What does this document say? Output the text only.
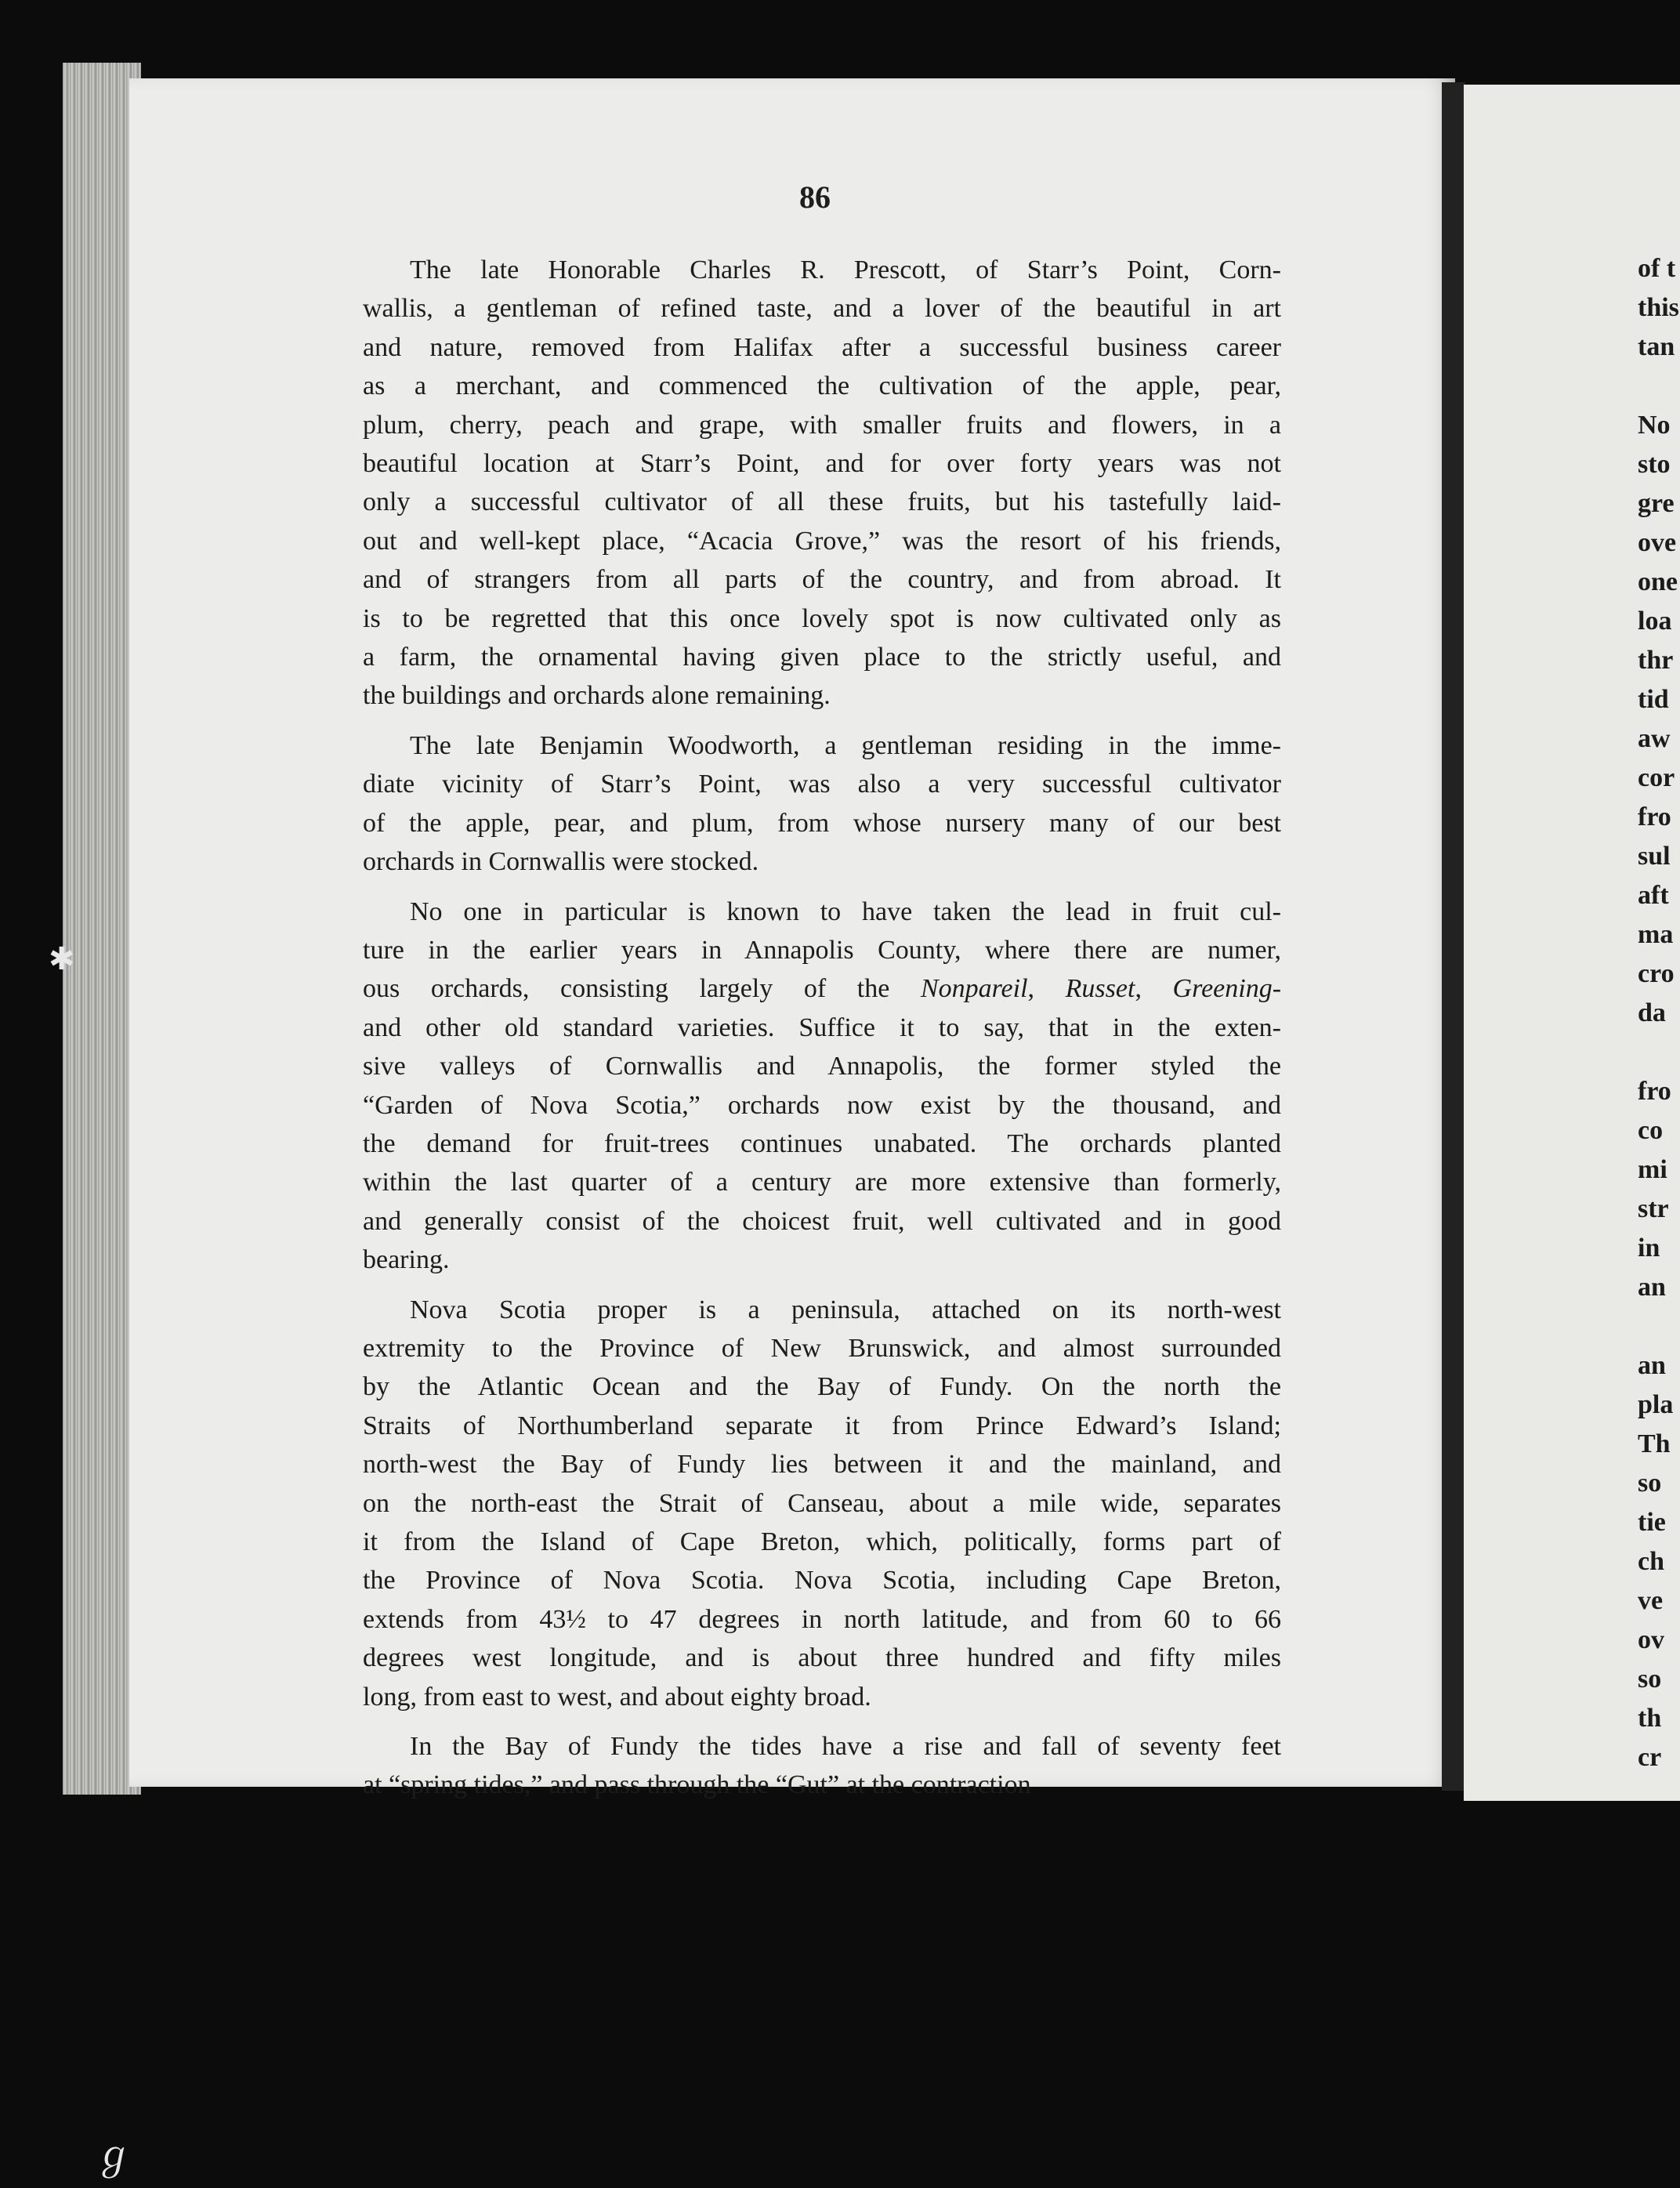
86
The late Honorable Charles R. Prescott, of Starr’s Point, Corn-
wallis, a gentleman of refined taste, and a lover of the beautiful in art
and nature, removed from Halifax after a successful business career
as a merchant, and commenced the cultivation of the apple, pear,
plum, cherry, peach and grape, with smaller fruits and flowers, in a
beautiful location at Starr’s Point, and for over forty years was not
only a successful cultivator of all these fruits, but his tastefully laid-
out and well-kept place, “Acacia Grove,” was the resort of his friends,
and of strangers from all parts of the country, and from abroad. It
is to be regretted that this once lovely spot is now cultivated only as
a farm, the ornamental having given place to the strictly useful, and
the buildings and orchards alone remaining.
The late Benjamin Woodworth, a gentleman residing in the imme-
diate vicinity of Starr’s Point, was also a very successful cultivator
of the apple, pear, and plum, from whose nursery many of our best
orchards in Cornwallis were stocked.
No one in particular is known to have taken the lead in fruit cul-
ture in the earlier years in Annapolis County, where there are numer,
ous orchards, consisting largely of the Nonpareil, Russet, Greening-
and other old standard varieties. Suffice it to say, that in the exten-
sive valleys of Cornwallis and Annapolis, the former styled the
“Garden of Nova Scotia,” orchards now exist by the thousand, and
the demand for fruit-trees continues unabated. The orchards planted
within the last quarter of a century are more extensive than formerly,
and generally consist of the choicest fruit, well cultivated and in good
bearing.
Nova Scotia proper is a peninsula, attached on its north-west
extremity to the Province of New Brunswick, and almost surrounded
by the Atlantic Ocean and the Bay of Fundy. On the north the
Straits of Northumberland separate it from Prince Edward’s Island;
north-west the Bay of Fundy lies between it and the mainland, and
on the north-east the Strait of Canseau, about a mile wide, separates
it from the Island of Cape Breton, which, politically, forms part of
the Province of Nova Scotia. Nova Scotia, including Cape Breton,
extends from 43½ to 47 degrees in north latitude, and from 60 to 66
degrees west longitude, and is about three hundred and fifty miles
long, from east to west, and about eighty broad.
In the Bay of Fundy the tides have a rise and fall of seventy feet
at “spring tides,” and pass through the “Gut” at the contraction
of t
this
tan
No
sto
gre
ove
one
loa
thr
tid
aw
cor
fro
sul
aft
ma
cro
da
fro
co
mi
str
in
an
an
pla
Th
so
tie
ch
ve
ov
so
th
cr
✱
ℊ
